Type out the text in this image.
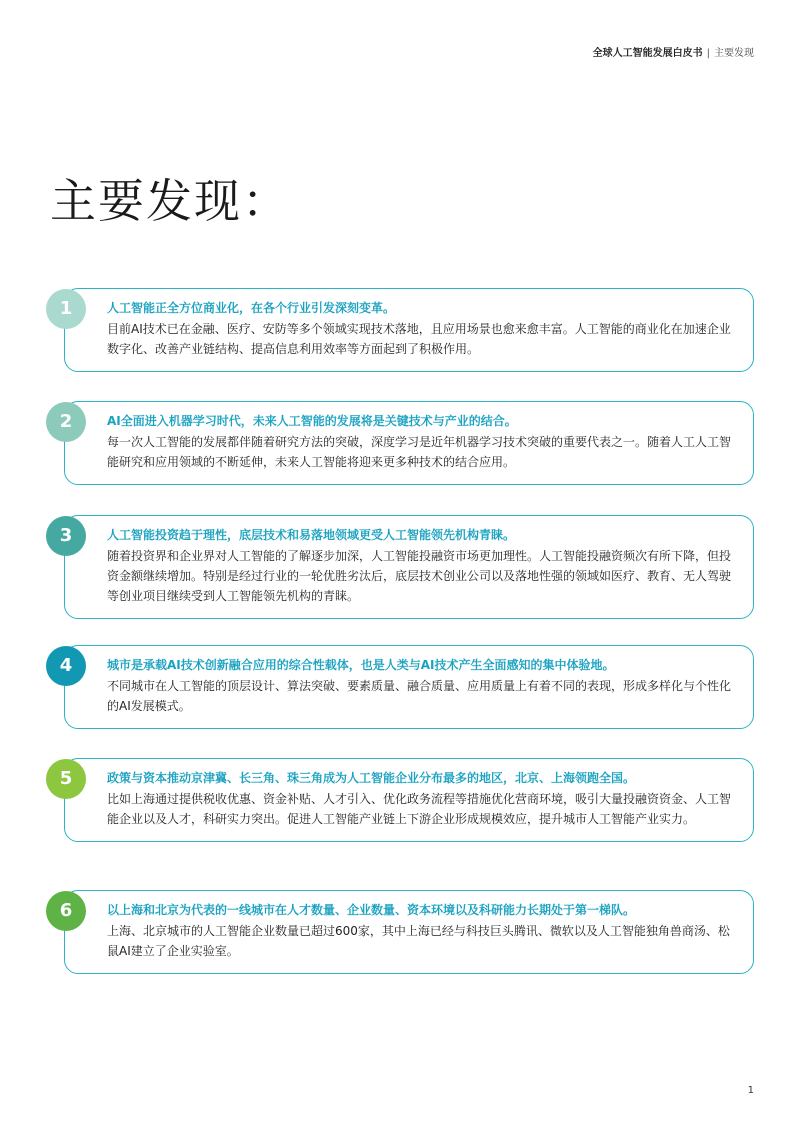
全球人工智能发展白皮书 | 主要发现
主要发现：

人工智能正全方位商业化，在各个行业引发深刻变革。

目前AI技术已在金融、医疗、安防等多个领域实现技术落地，且应用场景也愈来愈丰富。人工智能的商业化在加速企业数字化、改善产业链结构、提高信息利用效率等方面起到了积极作用。

1

AI全面进入机器学习时代，未来人工智能的发展将是关键技术与产业的结合。

每一次人工智能的发展都伴随着研究方法的突破，深度学习是近年机器学习技术突破的重要代表之一。随着人工人工智能研究和应用领域的不断延伸，未来人工智能将迎来更多种技术的结合应用。

2

人工智能投资趋于理性，底层技术和易落地领域更受人工智能领先机构青睐。

随着投资界和企业界对人工智能的了解逐步加深，人工智能投融资市场更加理性。人工智能投融资频次有所下降，但投资金额继续增加。特别是经过行业的一轮优胜劣汰后，底层技术创业公司以及落地性强的领域如医疗、教育、无人驾驶等创业项目继续受到人工智能领先机构的青睐。

3

城市是承载AI技术创新融合应用的综合性载体，也是人类与AI技术产生全面感知的集中体验地。

不同城市在人工智能的顶层设计、算法突破、要素质量、融合质量、应用质量上有着不同的表现，形成多样化与个性化的AI发展模式。

4

政策与资本推动京津冀、长三角、珠三角成为人工智能企业分布最多的地区，北京、上海领跑全国。

比如上海通过提供税收优惠、资金补贴、人才引入、优化政务流程等措施优化营商环境，吸引大量投融资资金、人工智能企业以及人才，科研实力突出。促进人工智能产业链上下游企业形成规模效应，提升城市人工智能产业实力。

5

以上海和北京为代表的一线城市在人才数量、企业数量、资本环境以及科研能力长期处于第一梯队。

上海、北京城市的人工智能企业数量已超过600家，其中上海已经与科技巨头腾讯、微软以及人工智能独角兽商汤、松鼠AI建立了企业实验室。

6
1
